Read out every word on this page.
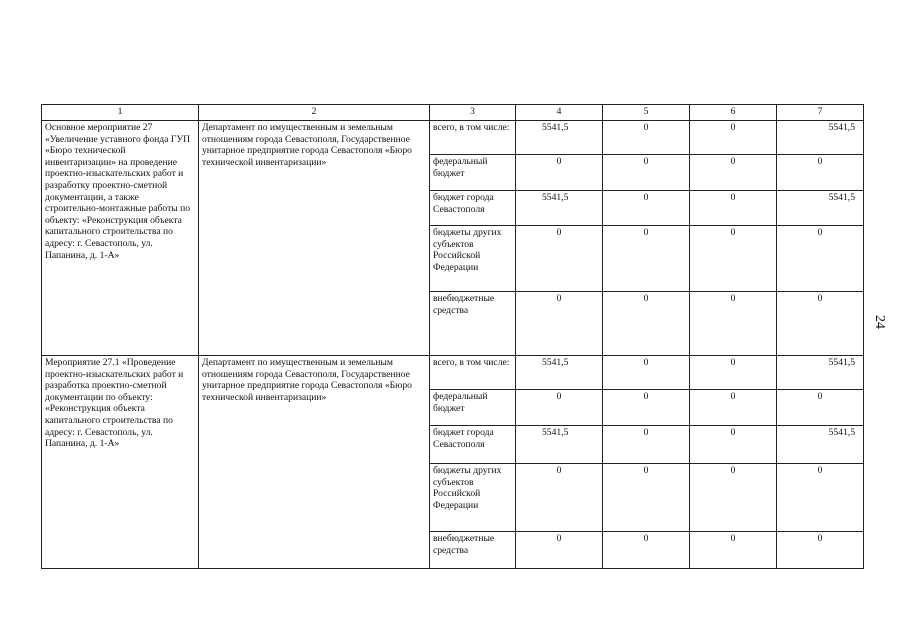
24
1	2	3	4	5	6	7
Основное мероприятие 27 «Увеличение уставного фонда ГУП «Бюро технической инвентаризации» на проведение проектно-изыскательских работ и разработку проектно-сметной документации, а также строительно-монтажные работы по объекту: «Реконструкция объекта капитального строительства по адресу: г. Севастополь, ул. Папанина, д. 1-А»	Департамент по имущественным и земельным отношениям города Севастополя, Государственное унитарное предприятие города Севастополя «Бюро технической инвентаризации»	всего, в том числе:	5541,5	0	0	5541,5
		федеральный бюджет	0	0	0	0
		бюджет города Севастополя	5541,5	0	0	5541,5
		бюджеты других субъектов Российской Федерации	0	0	0	0
		внебюджетные средства	0	0	0	0
Мероприятие 27.1 «Проведение проектно-изыскательских работ и разработка проектно-сметной документации по объекту: «Реконструкция объекта капитального строительства по адресу: г. Севастополь, ул. Папанина, д. 1-А»	Департамент по имущественным и земельным отношениям города Севастополя, Государственное унитарное предприятие города Севастополя «Бюро технической инвентаризации»	всего, в том числе:	5541,5	0	0	5541,5
		федеральный бюджет	0	0	0	0
		бюджет города Севастополя	5541,5	0	0	5541,5
		бюджеты других субъектов Российской Федерации	0	0	0	0
		внебюджетные средства	0	0	0	0
